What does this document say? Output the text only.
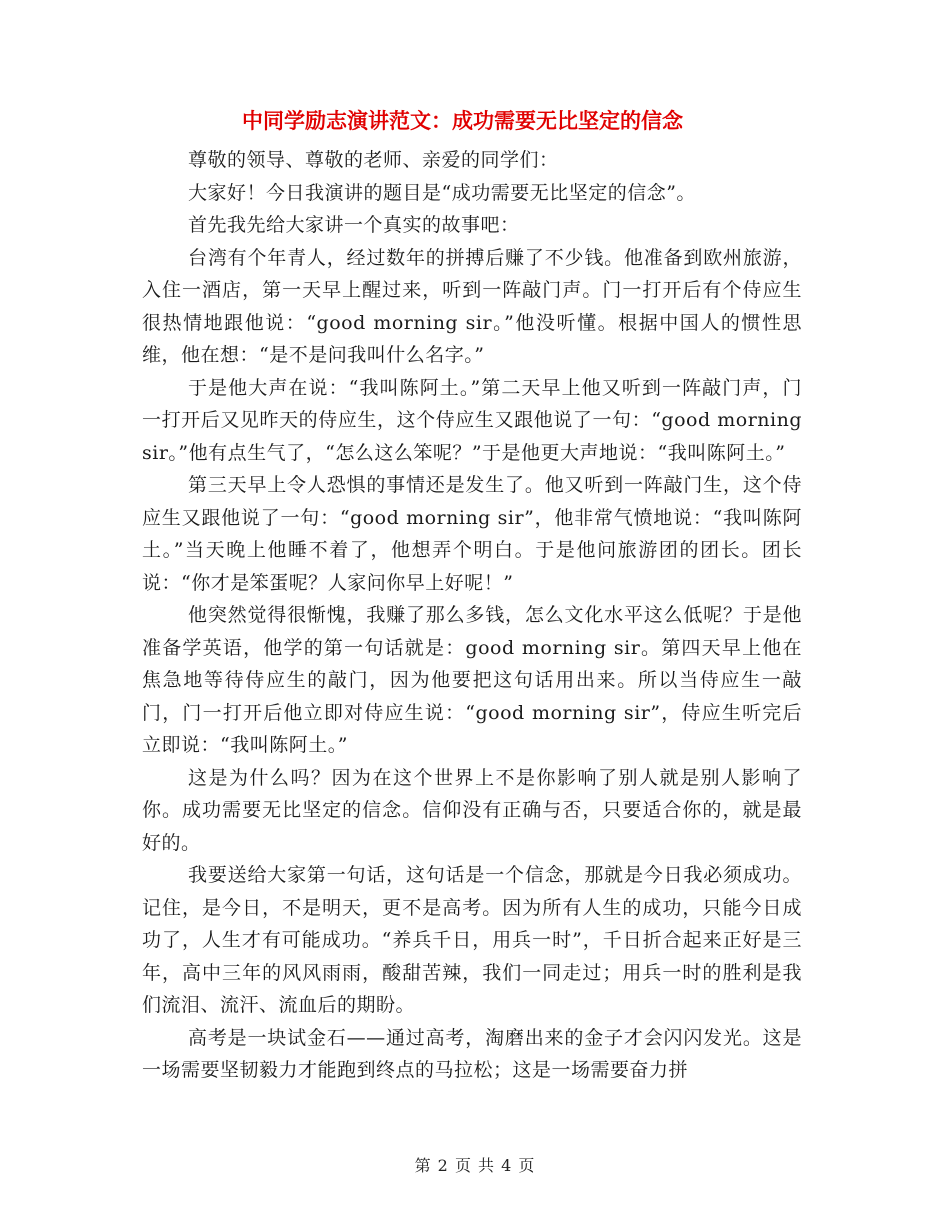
中同学励志演讲范文：成功需要无比坚定的信念

尊敬的领导、尊敬的老师、亲爱的同学们：

大家好！今日我演讲的题目是“成功需要无比坚定的信念”。

首先我先给大家讲一个真实的故事吧：

台湾有个年青人，经过数年的拼搏后赚了不少钱。他准备到欧州旅游，入住一酒店，第一天早上醒过来，听到一阵敲门声。门一打开后有个侍应生很热情地跟他说：“good morning sir。”他没听懂。根据中国人的惯性思维，他在想：“是不是问我叫什么名字。”

于是他大声在说：“我叫陈阿土。”第二天早上他又听到一阵敲门声，门一打开后又见昨天的侍应生，这个侍应生又跟他说了一句：“good morning sir。”他有点生气了，“怎么这么笨呢？”于是他更大声地说：“我叫陈阿土。”

第三天早上令人恐惧的事情还是发生了。他又听到一阵敲门生，这个侍应生又跟他说了一句：“good morning sir”，他非常气愤地说：“我叫陈阿土。”当天晚上他睡不着了，他想弄个明白。于是他问旅游团的团长。团长说：“你才是笨蛋呢？人家问你早上好呢！”

他突然觉得很惭愧，我赚了那么多钱，怎么文化水平这么低呢？于是他准备学英语，他学的第一句话就是：good morning sir。第四天早上他在焦急地等待侍应生的敲门，因为他要把这句话用出来。所以当侍应生一敲门，门一打开后他立即对侍应生说：“good morning sir”，侍应生听完后立即说：“我叫陈阿土。”

这是为什么吗？因为在这个世界上不是你影响了别人就是别人影响了你。成功需要无比坚定的信念。信仰没有正确与否，只要适合你的，就是最好的。

我要送给大家第一句话，这句话是一个信念，那就是今日我必须成功。记住，是今日，不是明天，更不是高考。因为所有人生的成功，只能今日成功了，人生才有可能成功。“养兵千日，用兵一时”，千日折合起来正好是三年，高中三年的风风雨雨，酸甜苦辣，我们一同走过；用兵一时的胜利是我们流泪、流汗、流血后的期盼。

高考是一块试金石——通过高考，淘磨出来的金子才会闪闪发光。这是一场需要坚韧毅力才能跑到终点的马拉松；这是一场需要奋力拼

第 2 页 共 4 页
